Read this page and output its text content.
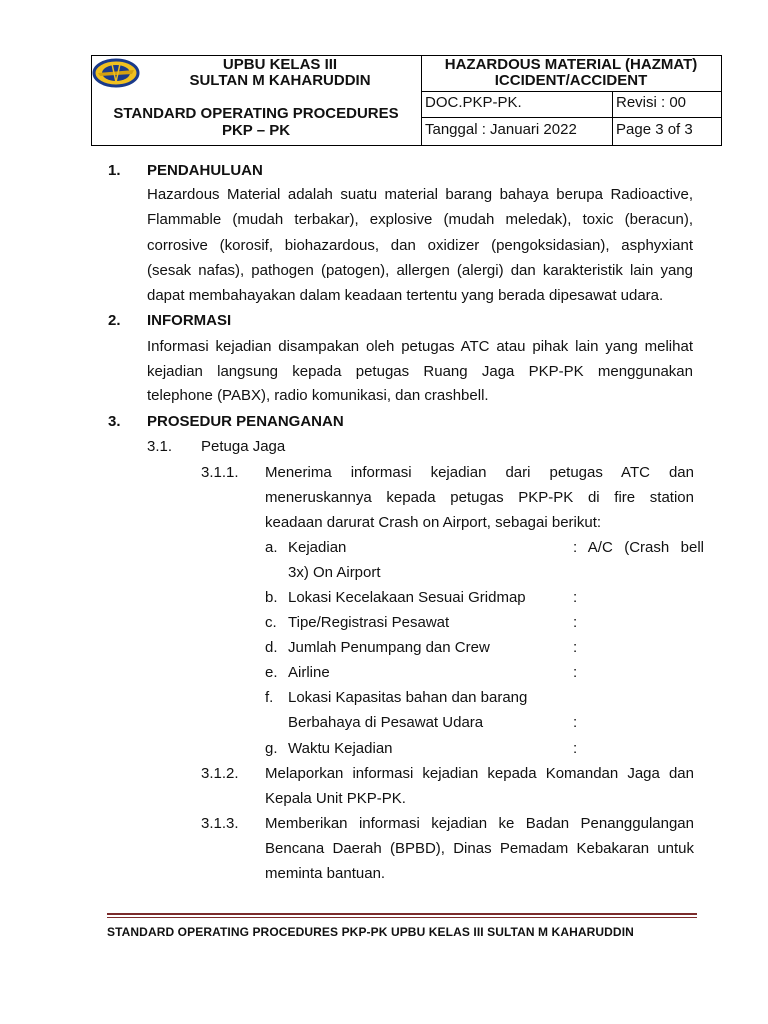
UPBU KELAS III
SULTAN M KAHARUDDIN
STANDARD OPERATING PROCEDURES
PKP – PK
HAZARDOUS MATERIAL (HAZMAT)
ICCIDENT/ACCIDENT
DOC.PKP-PK.	Revisi : 00
Tanggal : Januari 2022	Page 3 of 3
1. PENDAHULUAN
Hazardous Material adalah suatu material barang bahaya berupa Radioactive,
Flammable (mudah terbakar), explosive (mudah meledak), toxic (beracun),
corrosive (korosif, biohazardous, dan oxidizer (pengoksidasian), asphyxiant
(sesak nafas), pathogen (patogen), allergen (alergi) dan karakteristik lain yang
dapat membahayakan dalam keadaan tertentu yang berada dipesawat udara.
2. INFORMASI
Informasi kejadian disampakan oleh petugas ATC atau pihak lain yang melihat
kejadian langsung kepada petugas Ruang Jaga PKP-PK menggunakan
telephone (PABX), radio komunikasi, dan crashbell.
3. PROSEDUR PENANGANAN
3.1. Petuga Jaga
3.1.1. Menerima informasi kejadian dari petugas ATC dan
meneruskannya kepada petugas PKP-PK di fire station
keadaan darurat Crash on Airport, sebagai berikut:
a. Kejadian	: A/C (Crash bell
3x) On Airport
b. Lokasi Kecelakaan Sesuai Gridmap	:
c. Tipe/Registrasi Pesawat	:
d. Jumlah Penumpang dan Crew	:
e. Airline	:
f. Lokasi Kapasitas bahan dan barang
Berbahaya di Pesawat Udara	:
g. Waktu Kejadian	:
3.1.2. Melaporkan informasi kejadian kepada Komandan Jaga dan
Kepala Unit PKP-PK.
3.1.3. Memberikan informasi kejadian ke Badan Penanggulangan
Bencana Daerah (BPBD), Dinas Pemadam Kebakaran untuk
meminta bantuan.
STANDARD OPERATING PROCEDURES PKP-PK UPBU KELAS III SULTAN M KAHARUDDIN
